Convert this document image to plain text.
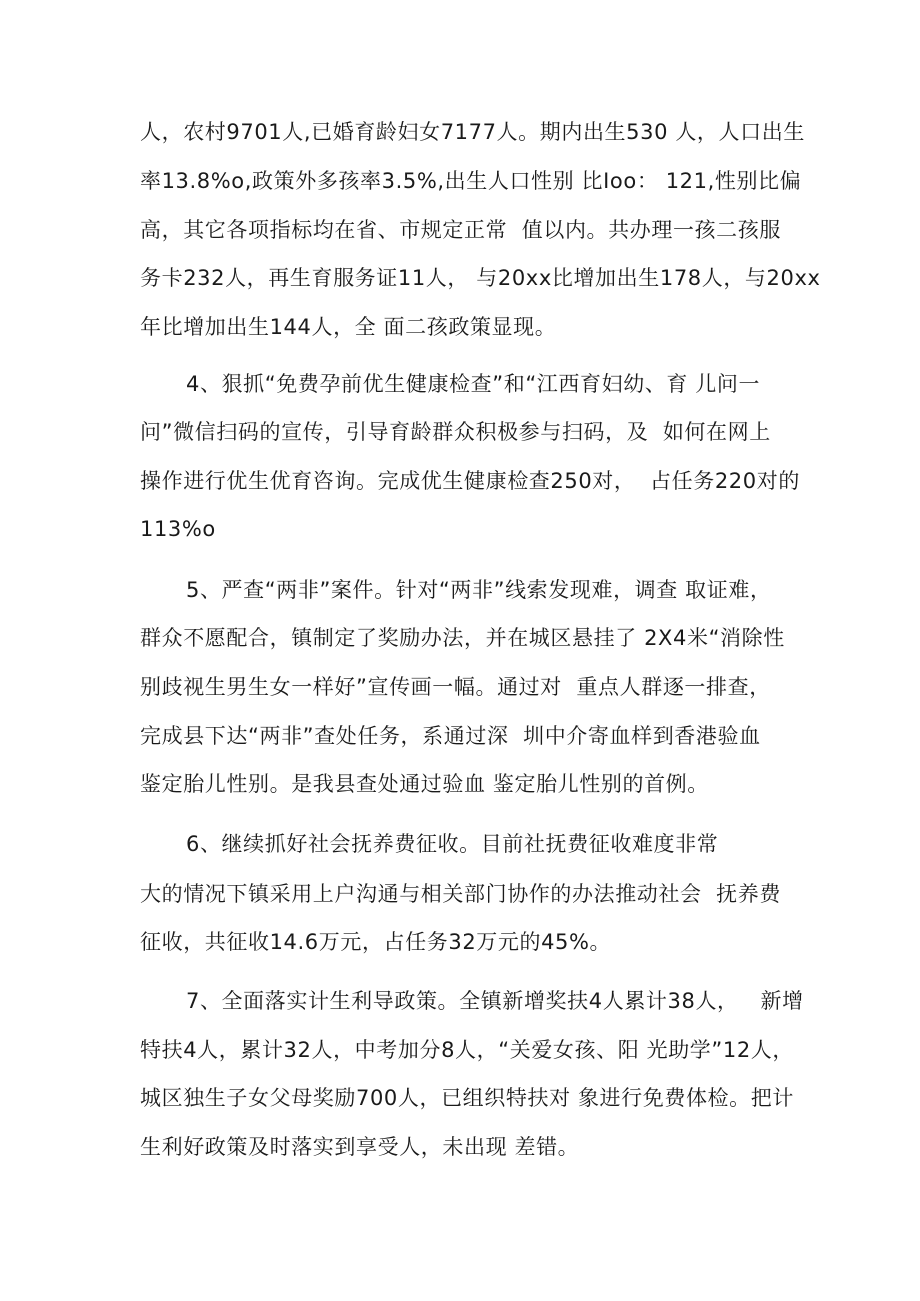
人，农村9701人,已婚育龄妇女7177人。期内出生530 人，人口出生
率13.8%o,政策外多孩率3.5%,出生人口性别 比Ioo： 121,性别比偏
高，其它各项指标均在省、市规定正常  值以内。共办理一孩二孩服
务卡232人，再生育服务证11人， 与20xx比增加出生178人，与20xx
年比增加出生144人，全 面二孩政策显现。
4、狠抓“免费孕前优生健康检查”和“江西育妇幼、育 儿问一
问”微信扫码的宣传，引导育龄群众积极参与扫码，及  如何在网上
操作进行优生优育咨询。完成优生健康检查250对，  占任务220对的
113%o
5、严查“两非”案件。针对“两非”线索发现难，调查 取证难，
群众不愿配合，镇制定了奖励办法，并在城区悬挂了 2X4米“消除性
别歧视生男生女一样好”宣传画一幅。通过对  重点人群逐一排查，
完成县下达“两非”查处任务，系通过深  圳中介寄血样到香港验血
鉴定胎儿性别。是我县查处通过验血 鉴定胎儿性别的首例。
6、继续抓好社会抚养费征收。目前社抚费征收难度非常
大的情况下镇采用上户沟通与相关部门协作的办法推动社会  抚养费
征收，共征收14.6万元，占任务32万元的45%。
7、全面落实计生利导政策。全镇新增奖扶4人累计38人，   新增
特扶4人，累计32人，中考加分8人，“关爱女孩、阳 光助学”12人，
城区独生子女父母奖励700人，已组织特扶对 象进行免费体检。把计
生利好政策及时落实到享受人，未出现 差错。
